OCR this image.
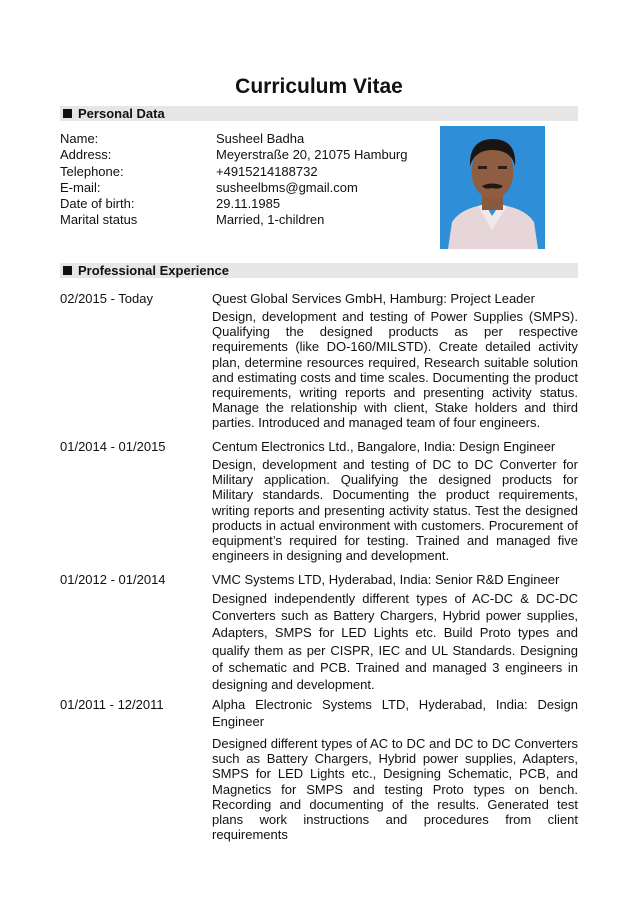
Curriculum Vitae
Personal Data
Name:	Susheel Badha
Address:	Meyerstraße 20, 21075 Hamburg
Telephone:	+4915214188732
E-mail:	susheelbms@gmail.com
Date of birth:	29.11.1985
Marital status	Married, 1-children
Professional Experience
02/2015 - Today	Quest Global Services GmbH, Hamburg: Project Leader

Design, development and testing of Power Supplies (SMPS). Qualifying the designed products as per respective requirements (like DO-160/MILSTD). Create detailed activity plan, determine resources required, Research suitable solution and estimating costs and time scales. Documenting the product requirements, writing reports and presenting activity status. Manage the relationship with client, Stake holders and third parties. Introduced and managed team of four engineers.

01/2014 - 01/2015	Centum Electronics Ltd., Bangalore, India: Design Engineer

Design, development and testing of DC to DC Converter for Military application. Qualifying the designed products for Military standards. Documenting the product requirements, writing reports and presenting activity status. Test the designed products in actual environment with customers. Procurement of equipment’s required for testing. Trained and managed five engineers in designing and development.

01/2012 - 01/2014	VMC Systems LTD, Hyderabad, India: Senior R&D Engineer

Designed independently different types of AC-DC & DC-DC Converters such as Battery Chargers, Hybrid power supplies, Adapters, SMPS for LED Lights etc. Build Proto types and qualify them as per CISPR, IEC and UL Standards. Designing of schematic and PCB. Trained and managed 3 engineers in designing and development.

01/2011 - 12/2011	Alpha Electronic Systems LTD, Hyderabad, India: Design Engineer

Designed different types of AC to DC and DC to DC Converters such as Battery Chargers, Hybrid power supplies, Adapters, SMPS for LED Lights etc., Designing Schematic, PCB, and Magnetics for SMPS and testing Proto types on bench. Recording and documenting of the results. Generated test plans work instructions and procedures from client requirements
